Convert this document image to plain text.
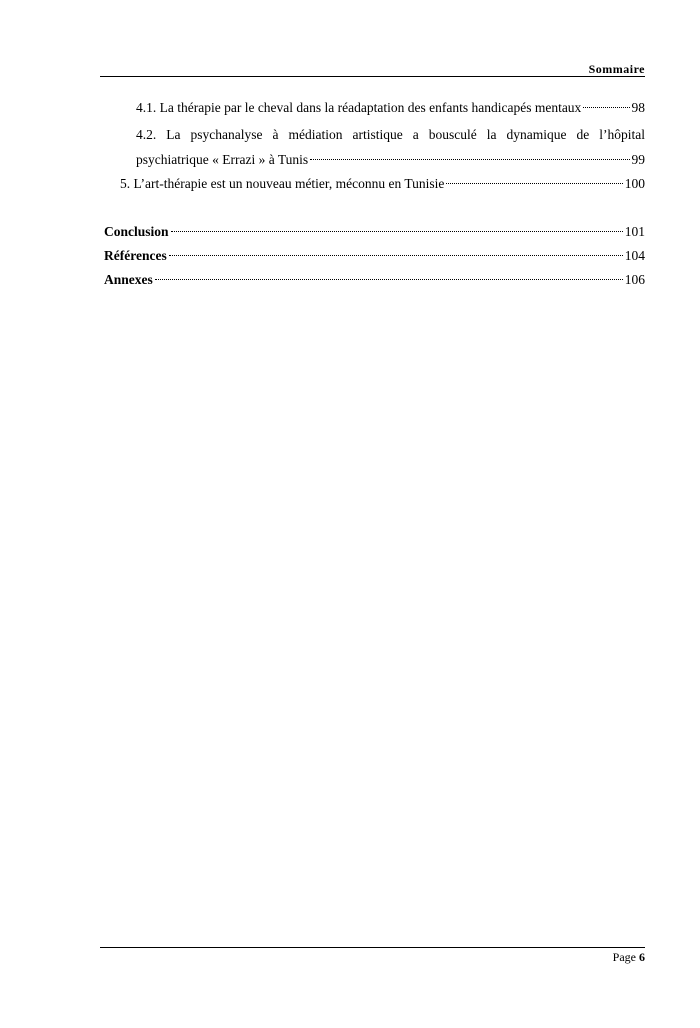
Sommaire
4.1. La thérapie par le cheval dans la réadaptation des enfants handicapés mentaux	98
4.2. La psychanalyse à médiation artistique a bousculé la dynamique de l’hôpital
psychiatrique « Errazi » à Tunis	99
5. L’art-thérapie est un nouveau métier, méconnu en Tunisie	100
Conclusion	101
Références	104
Annexes	106
Page 6
